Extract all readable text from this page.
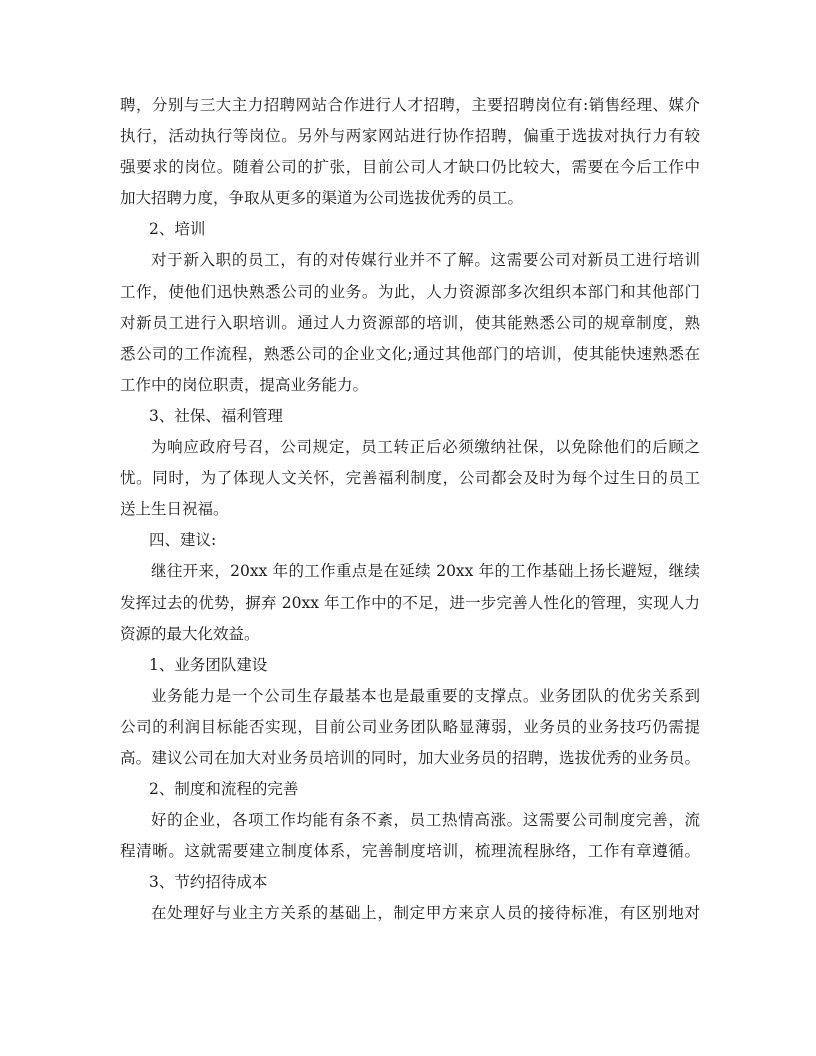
聘，分别与三大主力招聘网站合作进行人才招聘，主要招聘岗位有:销售经理、媒介
执行，活动执行等岗位。另外与两家网站进行协作招聘，偏重于选拔对执行力有较
强要求的岗位。随着公司的扩张，目前公司人才缺口仍比较大，需要在今后工作中
加大招聘力度，争取从更多的渠道为公司选拔优秀的员工。
2、培训
对于新入职的员工，有的对传媒行业并不了解。这需要公司对新员工进行培训
工作，使他们迅快熟悉公司的业务。为此，人力资源部多次组织本部门和其他部门
对新员工进行入职培训。通过人力资源部的培训，使其能熟悉公司的规章制度，熟
悉公司的工作流程，熟悉公司的企业文化;通过其他部门的培训，使其能快速熟悉在
工作中的岗位职责，提高业务能力。
3、社保、福利管理
为响应政府号召，公司规定，员工转正后必须缴纳社保，以免除他们的后顾之
忧。同时，为了体现人文关怀，完善福利制度，公司都会及时为每个过生日的员工
送上生日祝福。
四、建议:
继往开来，20xx 年的工作重点是在延续 20xx 年的工作基础上扬长避短，继续
发挥过去的优势，摒弃 20xx 年工作中的不足，进一步完善人性化的管理，实现人力
资源的最大化效益。
1、业务团队建设
业务能力是一个公司生存最基本也是最重要的支撑点。业务团队的优劣关系到
公司的利润目标能否实现，目前公司业务团队略显薄弱，业务员的业务技巧仍需提
高。建议公司在加大对业务员培训的同时，加大业务员的招聘，选拔优秀的业务员。
2、制度和流程的完善
好的企业，各项工作均能有条不紊，员工热情高涨。这需要公司制度完善，流
程清晰。这就需要建立制度体系，完善制度培训，梳理流程脉络，工作有章遵循。
3、节约招待成本
在处理好与业主方关系的基础上，制定甲方来京人员的接待标准，有区别地对
